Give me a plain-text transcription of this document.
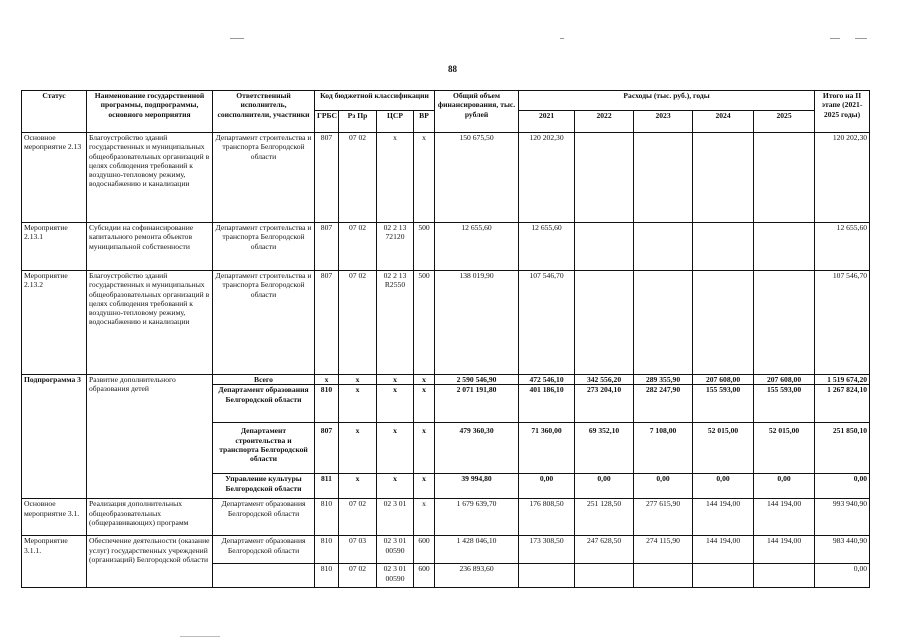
88
Статус	Наименование государственной программы, подпрограммы, основного мероприятия	Ответственный исполнитель, соисполнители, участники	Код бюджетной классификации				Общий объем финансирования, тыс. рублей	Расходы (тыс. руб.), годы					Итого на II этапе (2021-2025 годы)
			ГРБС	Рз Пр	ЦСР	ВР		2021	2022	2023	2024	2025	

Основное мероприятие 2.13	Благоустройство зданий государственных и муниципальных общеобразовательных организаций в целях соблюдения требований к воздушно-тепловому режиму, водоснабжению и канализации	Департамент строительства и транспорта Белгородской области	807	07 02	х	х	150 675,50	120 202,30					120 202,30
Мероприятие 2.13.1	Субсидии на софинансирование капитального ремонта объектов муниципальной собственности	Департамент строительства и транспорта Белгородской области	807	07 02	02 2 13 72120	500	12 655,60	12 655,60					12 655,60
Мероприятие 2.13.2	Благоустройство зданий государственных и муниципальных общеобразовательных организаций в целях соблюдения требований к воздушно-тепловому режиму, водоснабжению и канализации	Департамент строительства и транспорта Белгородской области	807	07 02	02 2 13 R2550	500	138 019,90	107 546,70					107 546,70
Подпрограмма 3	Развитие дополнительного образования детей	Всего	х	х	х	х	2 590 546,90	472 546,10	342 556,20	289 355,90	207 608,00	207 608,00	1 519 674,20
		Департамент образования Белгородской области	810	х	х	х	2 071 191,80	401 186,10	273 204,10	282 247,90	155 593,00	155 593,00	1 267 824,10
		Департамент строительства и транспорта Белгородской области	807	х	х	х	479 360,30	71 360,00	69 352,10	7 108,00	52 015,00	52 015,00	251 850,10
		Управление культуры Белгородской области	811	х	х	х	39 994,80	0,00	0,00	0,00	0,00	0,00	0,00
Основное мероприятие 3.1.	Реализация дополнительных общеобразовательных (общеразвивающих) программ	Департамент образования Белгородской области	810	07 02	02 3 01	х	1 679 639,70	176 808,50	251 128,50	277 615,90	144 194,00	144 194,00	993 940,90
Мероприятие 3.1.1.	Обеспечение деятельности (оказание услуг) государственных учреждений (организаций) Белгородской области	Департамент образования Белгородской области	810	07 03	02 3 01 00590	600	1 428 046,10	173 308,50	247 628,50	274 115,90	144 194,00	144 194,00	983 440,90
			810	07 02	02 3 01 00590	600	236 893,60						0,00
